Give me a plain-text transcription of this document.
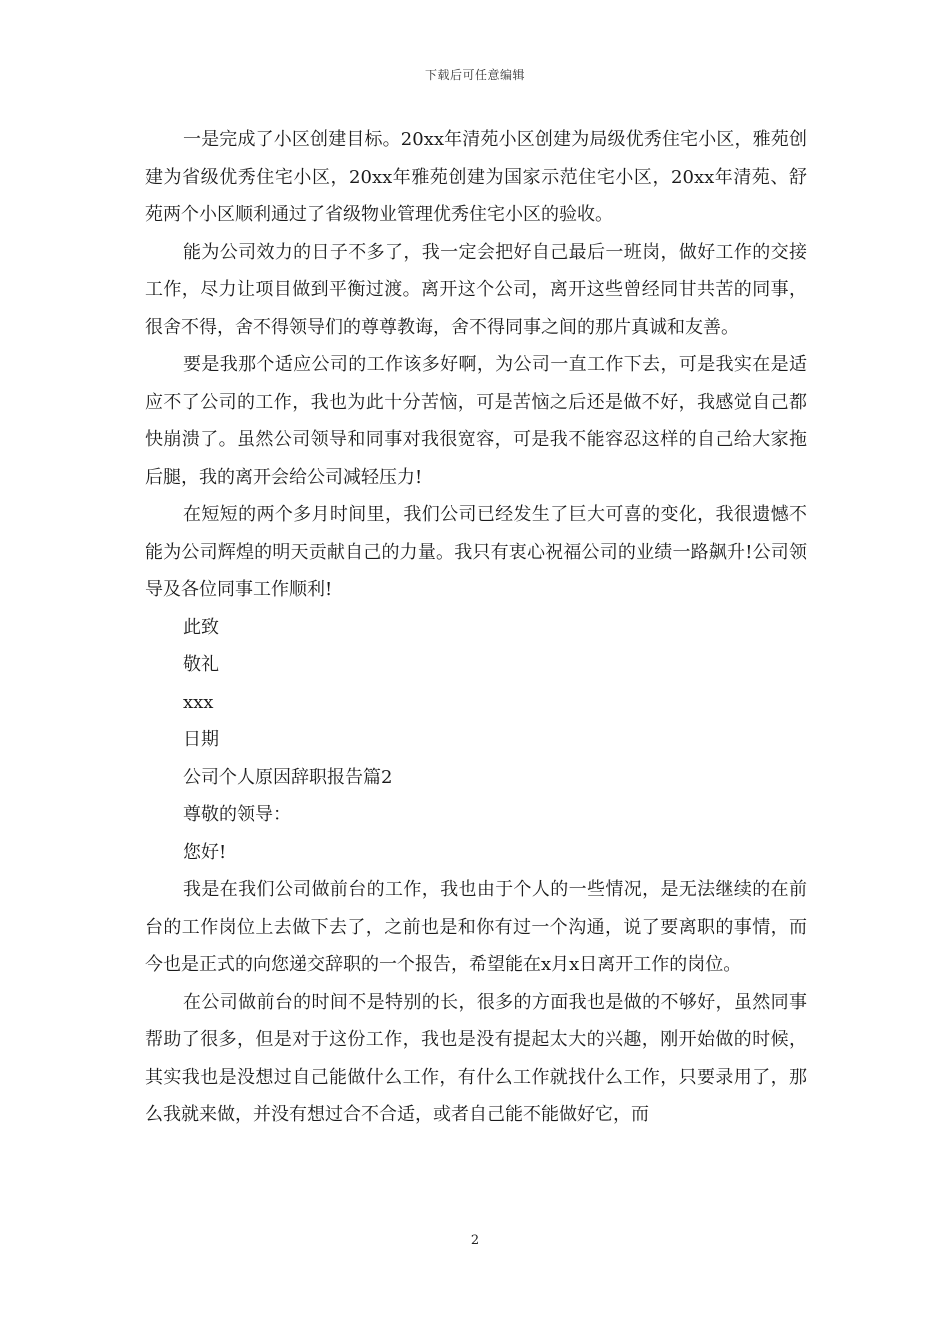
下载后可任意编辑

一是完成了小区创建目标。20xx年清苑小区创建为局级优秀住宅小区，雅苑创建为省级优秀住宅小区，20xx年雅苑创建为国家示范住宅小区，20xx年清苑、舒苑两个小区顺利通过了省级物业管理优秀住宅小区的验收。

能为公司效力的日子不多了，我一定会把好自己最后一班岗，做好工作的交接工作，尽力让项目做到平衡过渡。离开这个公司，离开这些曾经同甘共苦的同事，很舍不得，舍不得领导们的尊尊教诲，舍不得同事之间的那片真诚和友善。

要是我那个适应公司的工作该多好啊，为公司一直工作下去，可是我实在是适应不了公司的工作，我也为此十分苦恼，可是苦恼之后还是做不好，我感觉自己都快崩溃了。虽然公司领导和同事对我很宽容，可是我不能容忍这样的自己给大家拖后腿，我的离开会给公司减轻压力!

在短短的两个多月时间里，我们公司已经发生了巨大可喜的变化，我很遗憾不能为公司辉煌的明天贡献自己的力量。我只有衷心祝福公司的业绩一路飙升!公司领导及各位同事工作顺利!

此致

敬礼

xxx

日期

公司个人原因辞职报告篇2

尊敬的领导：

您好!

我是在我们公司做前台的工作，我也由于个人的一些情况，是无法继续的在前台的工作岗位上去做下去了，之前也是和你有过一个沟通，说了要离职的事情，而今也是正式的向您递交辞职的一个报告，希望能在x月x日离开工作的岗位。

在公司做前台的时间不是特别的长，很多的方面我也是做的不够好，虽然同事帮助了很多，但是对于这份工作，我也是没有提起太大的兴趣，刚开始做的时候，其实我也是没想过自己能做什么工作，有什么工作就找什么工作，只要录用了，那么我就来做，并没有想过合不合适，或者自己能不能做好它，而

2
